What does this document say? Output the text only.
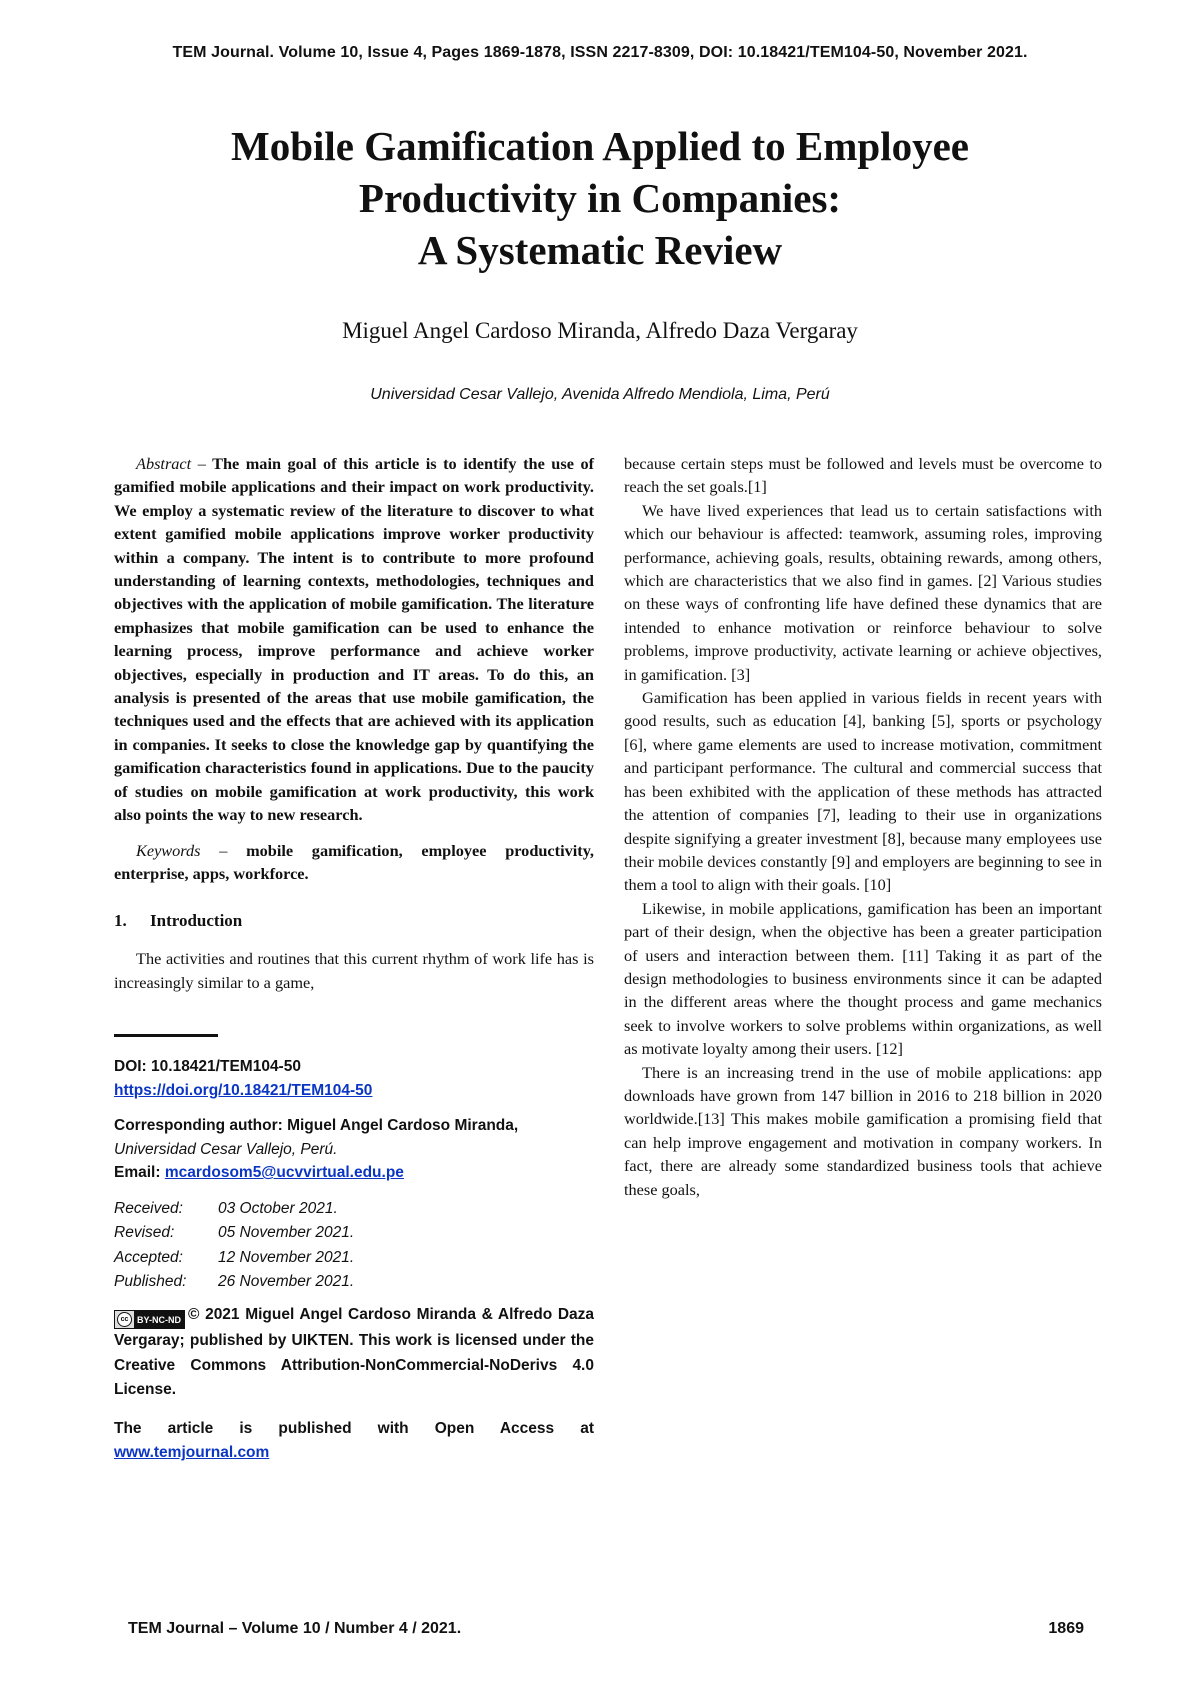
TEM Journal. Volume 10, Issue 4, Pages 1869-1878, ISSN 2217-8309, DOI: 10.18421/TEM104-50, November 2021.
Mobile Gamification Applied to Employee
Productivity in Companies:
A Systematic Review
Miguel Angel Cardoso Miranda, Alfredo Daza Vergaray
Universidad Cesar Vallejo, Avenida Alfredo Mendiola, Lima, Perú

Abstract – The main goal of this article is to identify the use of gamified mobile applications and their impact on work productivity. We employ a systematic review of the literature to discover to what extent gamified mobile applications improve worker productivity within a company. The intent is to contribute to more profound understanding of learning contexts, methodologies, techniques and objectives with the application of mobile gamification. The literature emphasizes that mobile gamification can be used to enhance the learning process, improve performance and achieve worker objectives, especially in production and IT areas. To do this, an analysis is presented of the areas that use mobile gamification, the techniques used and the effects that are achieved with its application in companies. It seeks to close the knowledge gap by quantifying the gamification characteristics found in applications. Due to the paucity of studies on mobile gamification at work productivity, this work also points the way to new research.

Keywords – mobile gamification, employee productivity, enterprise, apps, workforce.

1. Introduction

The activities and routines that this current rhythm of work life has is increasingly similar to a game,

DOI: 10.18421/TEM104-50
https://doi.org/10.18421/TEM104-50
Corresponding author: Miguel Angel Cardoso Miranda,
Universidad Cesar Vallejo, Perú.
Email: mcardosom5@ucvvirtual.edu.pe
Received:	03 October 2021.
Revised:	05 November 2021.
Accepted:	12 November 2021.
Published:	26 November 2021.
cc BY-NC-ND © 2021 Miguel Angel Cardoso Miranda & Alfredo Daza Vergaray; published by UIKTEN. This work is licensed under the Creative Commons Attribution-NonCommercial-NoDerivs 4.0 License.
The article is published with Open Access at www.temjournal.com

because certain steps must be followed and levels must be overcome to reach the set goals.[1]

We have lived experiences that lead us to certain satisfactions with which our behaviour is affected: teamwork, assuming roles, improving performance, achieving goals, results, obtaining rewards, among others, which are characteristics that we also find in games. [2] Various studies on these ways of confronting life have defined these dynamics that are intended to enhance motivation or reinforce behaviour to solve problems, improve productivity, activate learning or achieve objectives, in gamification. [3]

Gamification has been applied in various fields in recent years with good results, such as education [4], banking [5], sports or psychology [6], where game elements are used to increase motivation, commitment and participant performance. The cultural and commercial success that has been exhibited with the application of these methods has attracted the attention of companies [7], leading to their use in organizations despite signifying a greater investment [8], because many employees use their mobile devices constantly [9] and employers are beginning to see in them a tool to align with their goals. [10]

Likewise, in mobile applications, gamification has been an important part of their design, when the objective has been a greater participation of users and interaction between them. [11] Taking it as part of the design methodologies to business environments since it can be adapted in the different areas where the thought process and game mechanics seek to involve workers to solve problems within organizations, as well as motivate loyalty among their users. [12]

There is an increasing trend in the use of mobile applications: app downloads have grown from 147 billion in 2016 to 218 billion in 2020 worldwide.[13] This makes mobile gamification a promising field that can help improve engagement and motivation in company workers. In fact, there are already some standardized business tools that achieve these goals,

TEM Journal – Volume 10 / Number 4 / 2021.	1869
